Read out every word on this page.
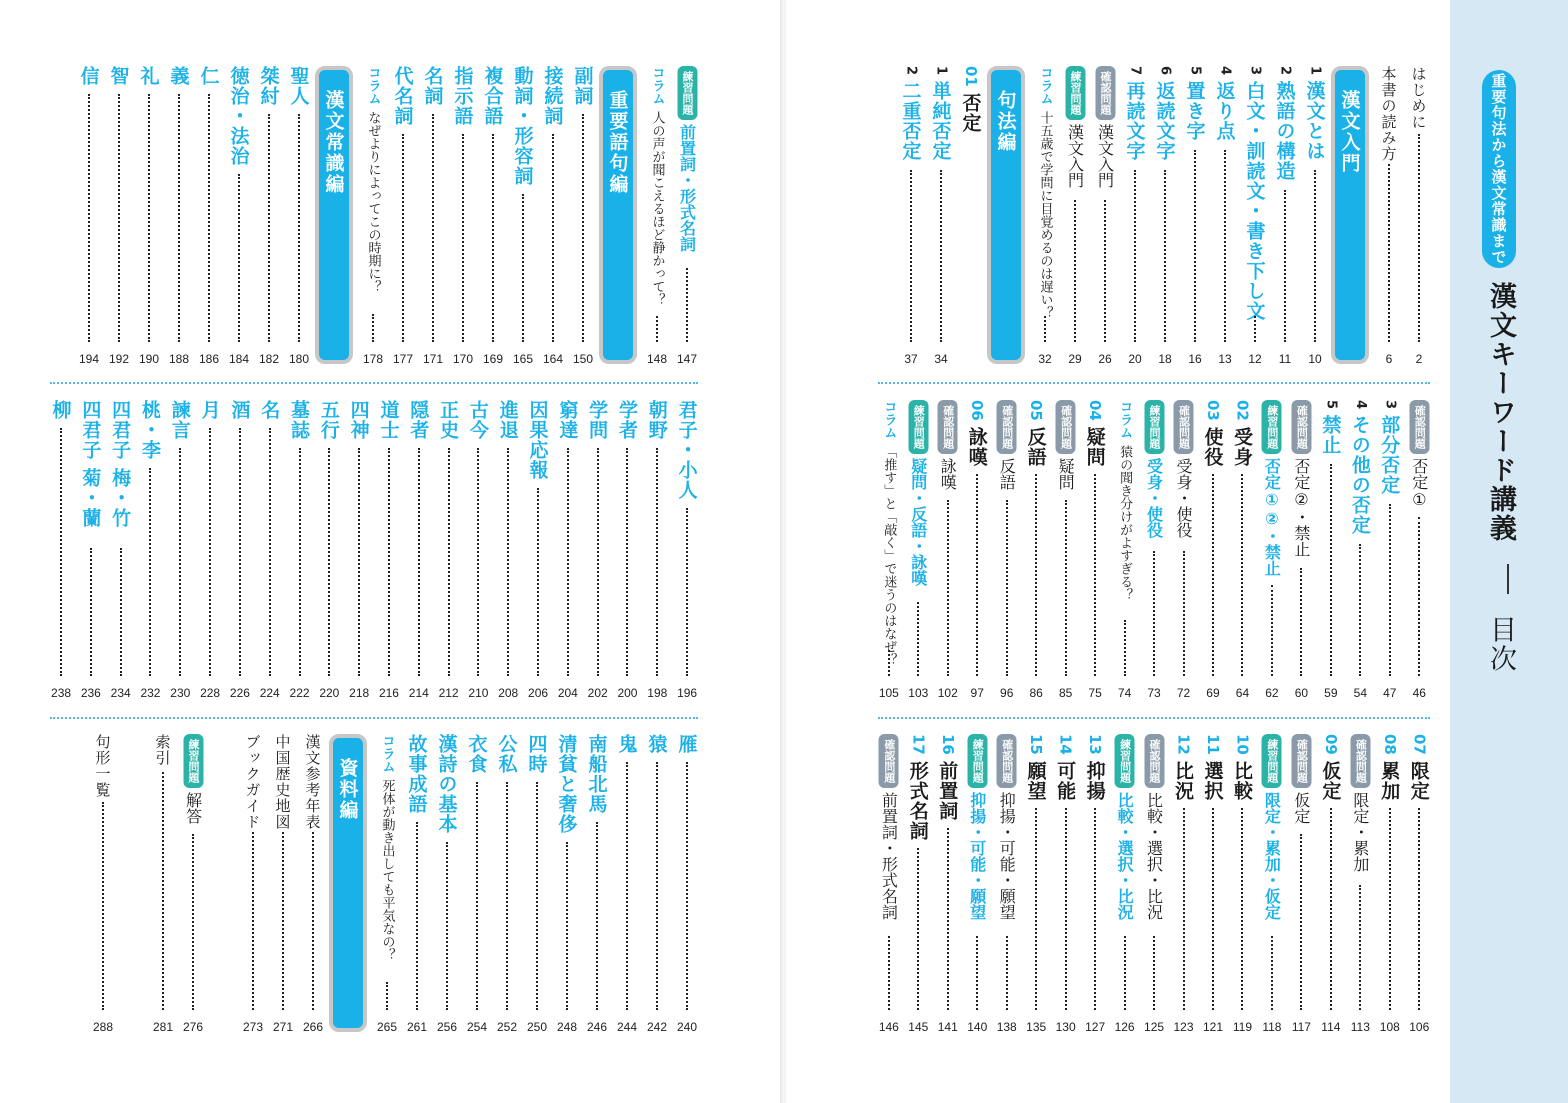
重要句法から漢文常識まで
漢文キーワード講義  目次
はじめに
2
本書の読み方
6
漢文入門
1
漢文とは
10
2
熟語の構造
11
3
白文・訓読文・書き下し文
12
4
返り点
13
5
置き字
16
6
返読文字
18
7
再読文字
20
確認問題
漢文入門
26
練習問題
漢文入門
29
コラム
十五歳で学問に目覚めるのは遅い？
32
句法編
01
否定
1
単純否定
34
2
二重否定
37
確認問題
否定①
46
3
部分否定
47
4
その他の否定
54
5
禁止
59
確認問題
否定②・禁止
60
練習問題
否定①②・禁止
62
02
受身
64
03
使役
69
確認問題
受身・使役
72
練習問題
受身・使役
73
コラム
猿の聞き分けがよすぎる？
74
04
疑問
75
確認問題
疑問
85
05
反語
86
確認問題
反語
96
06
詠嘆
97
確認問題
詠嘆
102
練習問題
疑問・反語・詠嘆
103
コラム
「推す」と「敲く」で迷うのはなぜ？
105
07
限定
106
08
累加
108
確認問題
限定・累加
113
09
仮定
114
確認問題
仮定
117
練習問題
限定・累加・仮定
118
10
比較
119
11
選択
121
12
比況
123
確認問題
比較・選択・比況
125
練習問題
比較・選択・比況
126
13
抑揚
127
14
可能
130
15
願望
135
確認問題
抑揚・可能・願望
138
練習問題
抑揚・可能・願望
140
16
前置詞
141
17
形式名詞
145
確認問題
前置詞・形式名詞
146
練習問題
前置詞・形式名詞
147
コラム
人の声が聞こえるほど静かって？
148
重要語句編
副詞
150
接続詞
164
動詞・形容詞
165
複合語
169
指示語
170
名詞
171
代名詞
177
コラム
なぜよりによってこの時期に？
178
漢文常識編
聖人
180
桀紂
182
徳治・法治
184
仁
186
義
188
礼
190
智
192
信
194
君子・小人
196
朝野
198
学者
200
学問
202
窮達
204
因果応報
206
進退
208
古今
210
正史
212
隠者
214
道士
216
四神
218
五行
220
墓誌
222
名
224
酒
226
月
228
諫言
230
桃・李
232
四君子 梅・竹
234
四君子 菊・蘭
236
柳
238
雁
240
猿
242
鬼
244
南船北馬
246
清貧と奢侈
248
四時
250
公私
252
衣食
254
漢詩の基本
256
故事成語
261
コラム
死体が動き出しても平気なの？
265
資料編
漢文参考年表
266
中国歴史地図
271
ブックガイド
273
練習問題
解答
276
索引
281
句形一覧
288
